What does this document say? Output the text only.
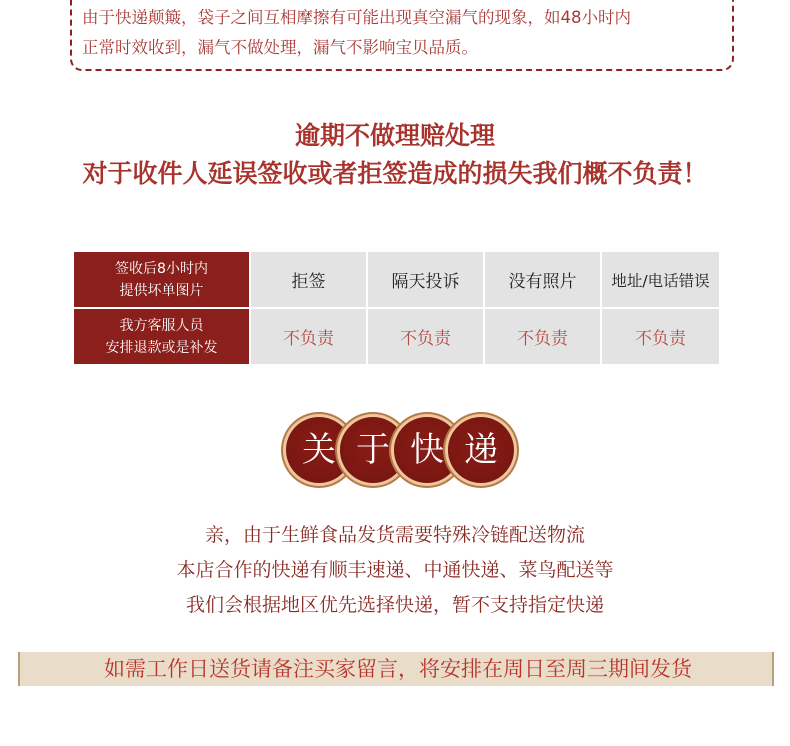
由于快递颠簸，袋子之间互相摩擦有可能出现真空漏气的现象，如48小时内
正常时效收到，漏气不做处理，漏气不影响宝贝品质。
逾期不做理赔处理
对于收件人延误签收或者拒签造成的损失我们概不负责！
签收后8小时内
提供坏单图片	拒签	隔天投诉	没有照片	地址/电话错误

我方客服人员
安排退款或是补发	不负责	不负责	不负责	不负责
关 于 快 递
亲，由于生鲜食品发货需要特殊冷链配送物流
本店合作的快递有顺丰速递、中通快递、菜鸟配送等
我们会根据地区优先选择快递，暂不支持指定快递
如需工作日送货请备注买家留言，将安排在周日至周三期间发货
